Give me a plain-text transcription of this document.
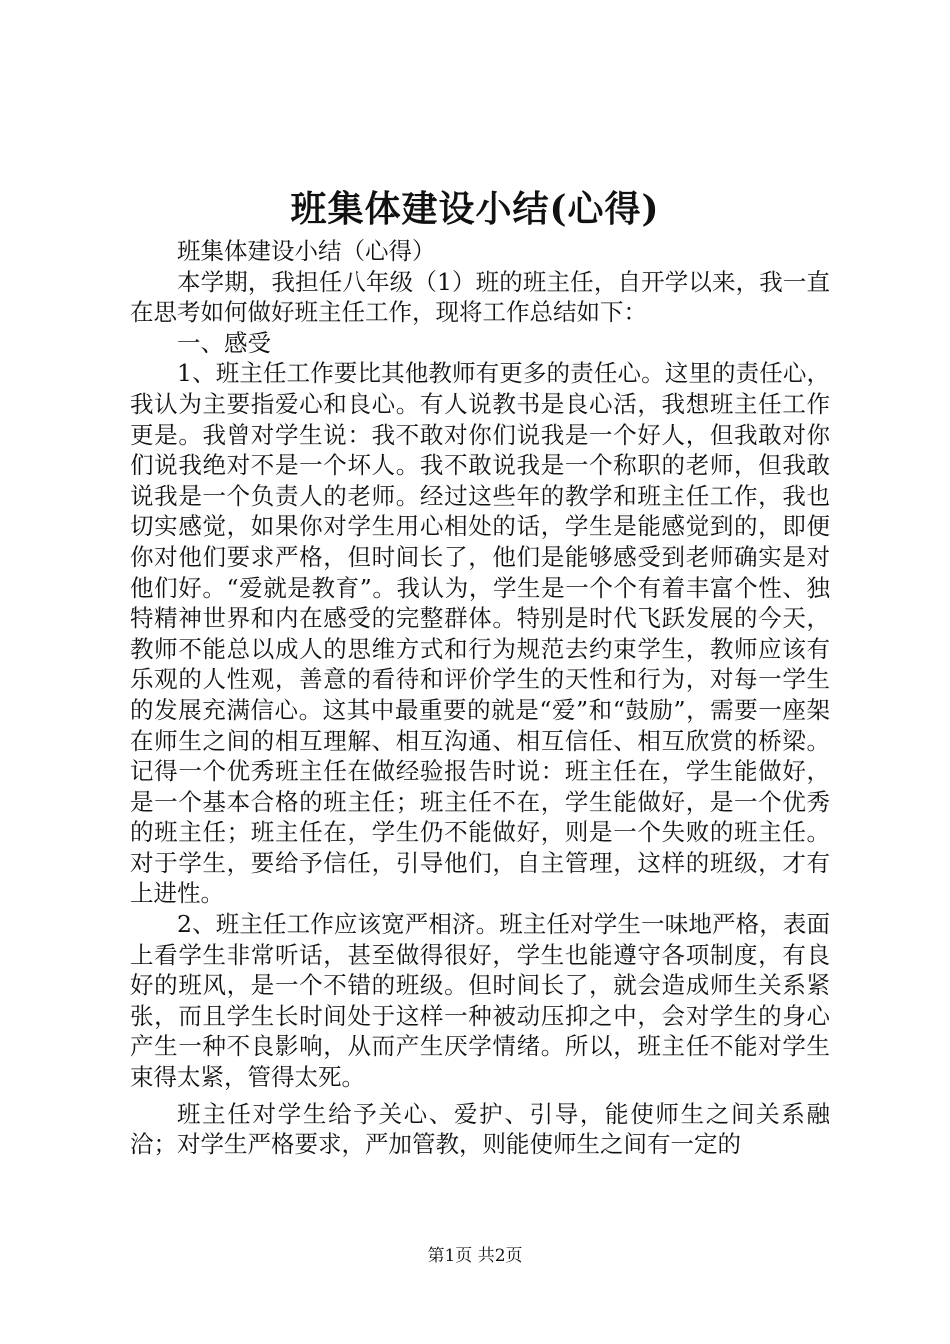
班集体建设小结(心得)

班集体建设小结（心得）

本学期，我担任八年级（1）班的班主任，自开学以来，我一直在思考如何做好班主任工作，现将工作总结如下：

一、感受

1、班主任工作要比其他教师有更多的责任心。这里的责任心，我认为主要指爱心和良心。有人说教书是良心活，我想班主任工作更是。我曾对学生说：我不敢对你们说我是一个好人，但我敢对你们说我绝对不是一个坏人。我不敢说我是一个称职的老师，但我敢说我是一个负责人的老师。经过这些年的教学和班主任工作，我也切实感觉，如果你对学生用心相处的话，学生是能感觉到的，即便你对他们要求严格，但时间长了，他们是能够感受到老师确实是对他们好。“爱就是教育”。我认为，学生是一个个有着丰富个性、独特精神世界和内在感受的完整群体。特别是时代飞跃发展的今天，教师不能总以成人的思维方式和行为规范去约束学生，教师应该有乐观的人性观，善意的看待和评价学生的天性和行为，对每一学生的发展充满信心。这其中最重要的就是“爱”和“鼓励”，需要一座架在师生之间的相互理解、相互沟通、相互信任、相互欣赏的桥梁。记得一个优秀班主任在做经验报告时说：班主任在，学生能做好，是一个基本合格的班主任；班主任不在，学生能做好，是一个优秀的班主任；班主任在，学生仍不能做好，则是一个失败的班主任。对于学生，要给予信任，引导他们，自主管理，这样的班级，才有上进性。

2、班主任工作应该宽严相济。班主任对学生一味地严格，表面上看学生非常听话，甚至做得很好，学生也能遵守各项制度，有良好的班风，是一个不错的班级。但时间长了，就会造成师生关系紧张，而且学生长时间处于这样一种被动压抑之中，会对学生的身心产生一种不良影响，从而产生厌学情绪。所以，班主任不能对学生束得太紧，管得太死。

班主任对学生给予关心、爱护、引导，能使师生之间关系融洽；对学生严格要求，严加管教，则能使师生之间有一定的

第1页 共2页
